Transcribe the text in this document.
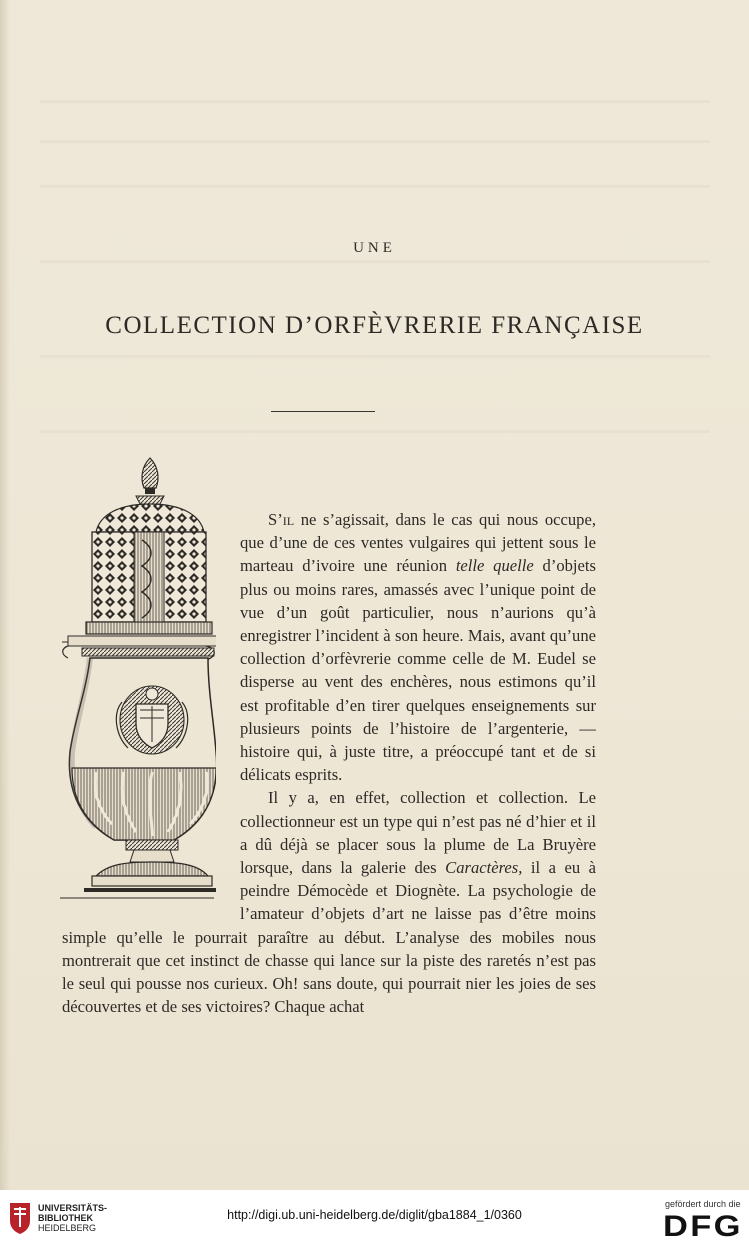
UNE
COLLECTION D’ORFÈVRERIE FRANÇAISE

S’il ne s’agissait, dans le cas qui nous occupe, que d’une de ces ventes vulgaires qui jettent sous le marteau d’ivoire une réunion telle quelle d’objets plus ou moins rares, amassés avec l’unique point de vue d’un goût particulier, nous n’aurions qu’à enregistrer l’incident à son heure. Mais, avant qu’une collection d’orfèvrerie comme celle de M. Eudel se disperse au vent des enchères, nous estimons qu’il est profitable d’en tirer quelques enseignements sur plusieurs points de l’histoire de l’argenterie, — histoire qui, à juste titre, a préoccupé tant et de si délicats esprits.

Il y a, en effet, collection et collection. Le collectionneur est un type qui n’est pas né d’hier et il a dû déjà se placer sous la plume de La Bruyère lorsque, dans la galerie des Caractères, il a eu à peindre Démocède et Diognète. La psychologie de l’amateur d’objets d’art ne laisse pas d’être moins simple qu’elle le pourrait paraître au début. L’analyse des mobiles nous montrerait que cet instinct de chasse qui lance sur la piste des raretés n’est pas le seul qui pousse nos curieux. Oh! sans doute, qui pourrait nier les joies de ses découvertes et de ses victoires? Chaque achat

UNIVERSITÄTS-
BIBLIOTHEK
HEIDELBERG
http://digi.ub.uni-heidelberg.de/diglit/gba1884_1/0360
gefördert durch die
DFG
